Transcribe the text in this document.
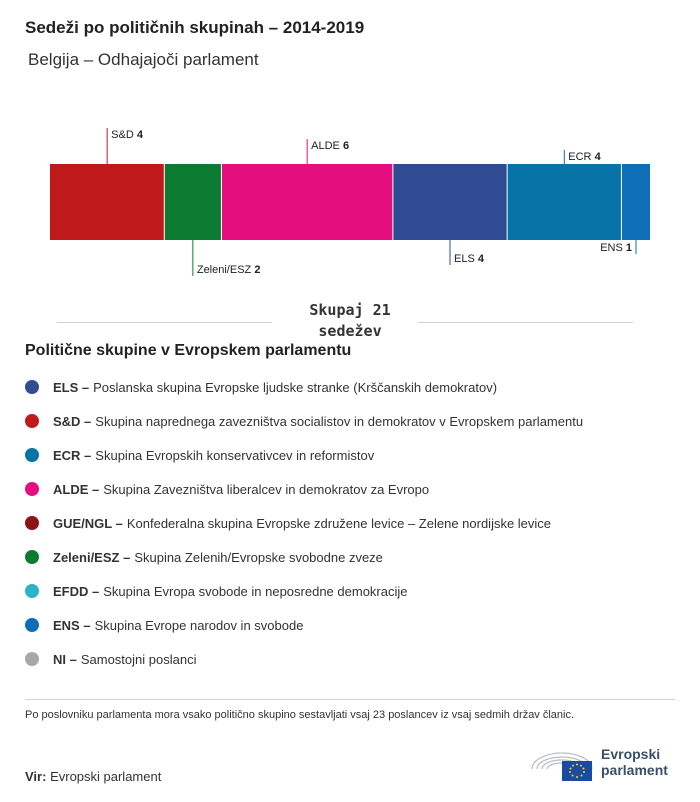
Sedeži po političnih skupinah – 2014-2019
Belgija – Odhajajoči parlament
S&D 4
Zeleni/ESZ 2
ALDE 6
ELS 4
ECR 4
ENS 1
Skupaj 21
sedežev
Politične skupine v Evropskem parlamentu
ELS – Poslanska skupina Evropske ljudske stranke (Krščanskih demokratov)
S&D – Skupina naprednega zavezništva socialistov in demokratov v Evropskem parlamentu
ECR – Skupina Evropskih konservativcev in reformistov
ALDE – Skupina Zavezništva liberalcev in demokratov za Evropo
GUE/NGL – Konfederalna skupina Evropske združene levice – Zelene nordijske levice
Zeleni/ESZ – Skupina Zelenih/Evropske svobodne zveze
EFDD – Skupina Evropa svobode in neposredne demokracije
ENS – Skupina Evrope narodov in svobode
NI – Samostojni poslanci
Po poslovniku parlamenta mora vsako politično skupino sestavljati vsaj 23 poslancev iz vsaj sedmih držav članic.
Vir: Evropski parlament
Evropski
parlament
